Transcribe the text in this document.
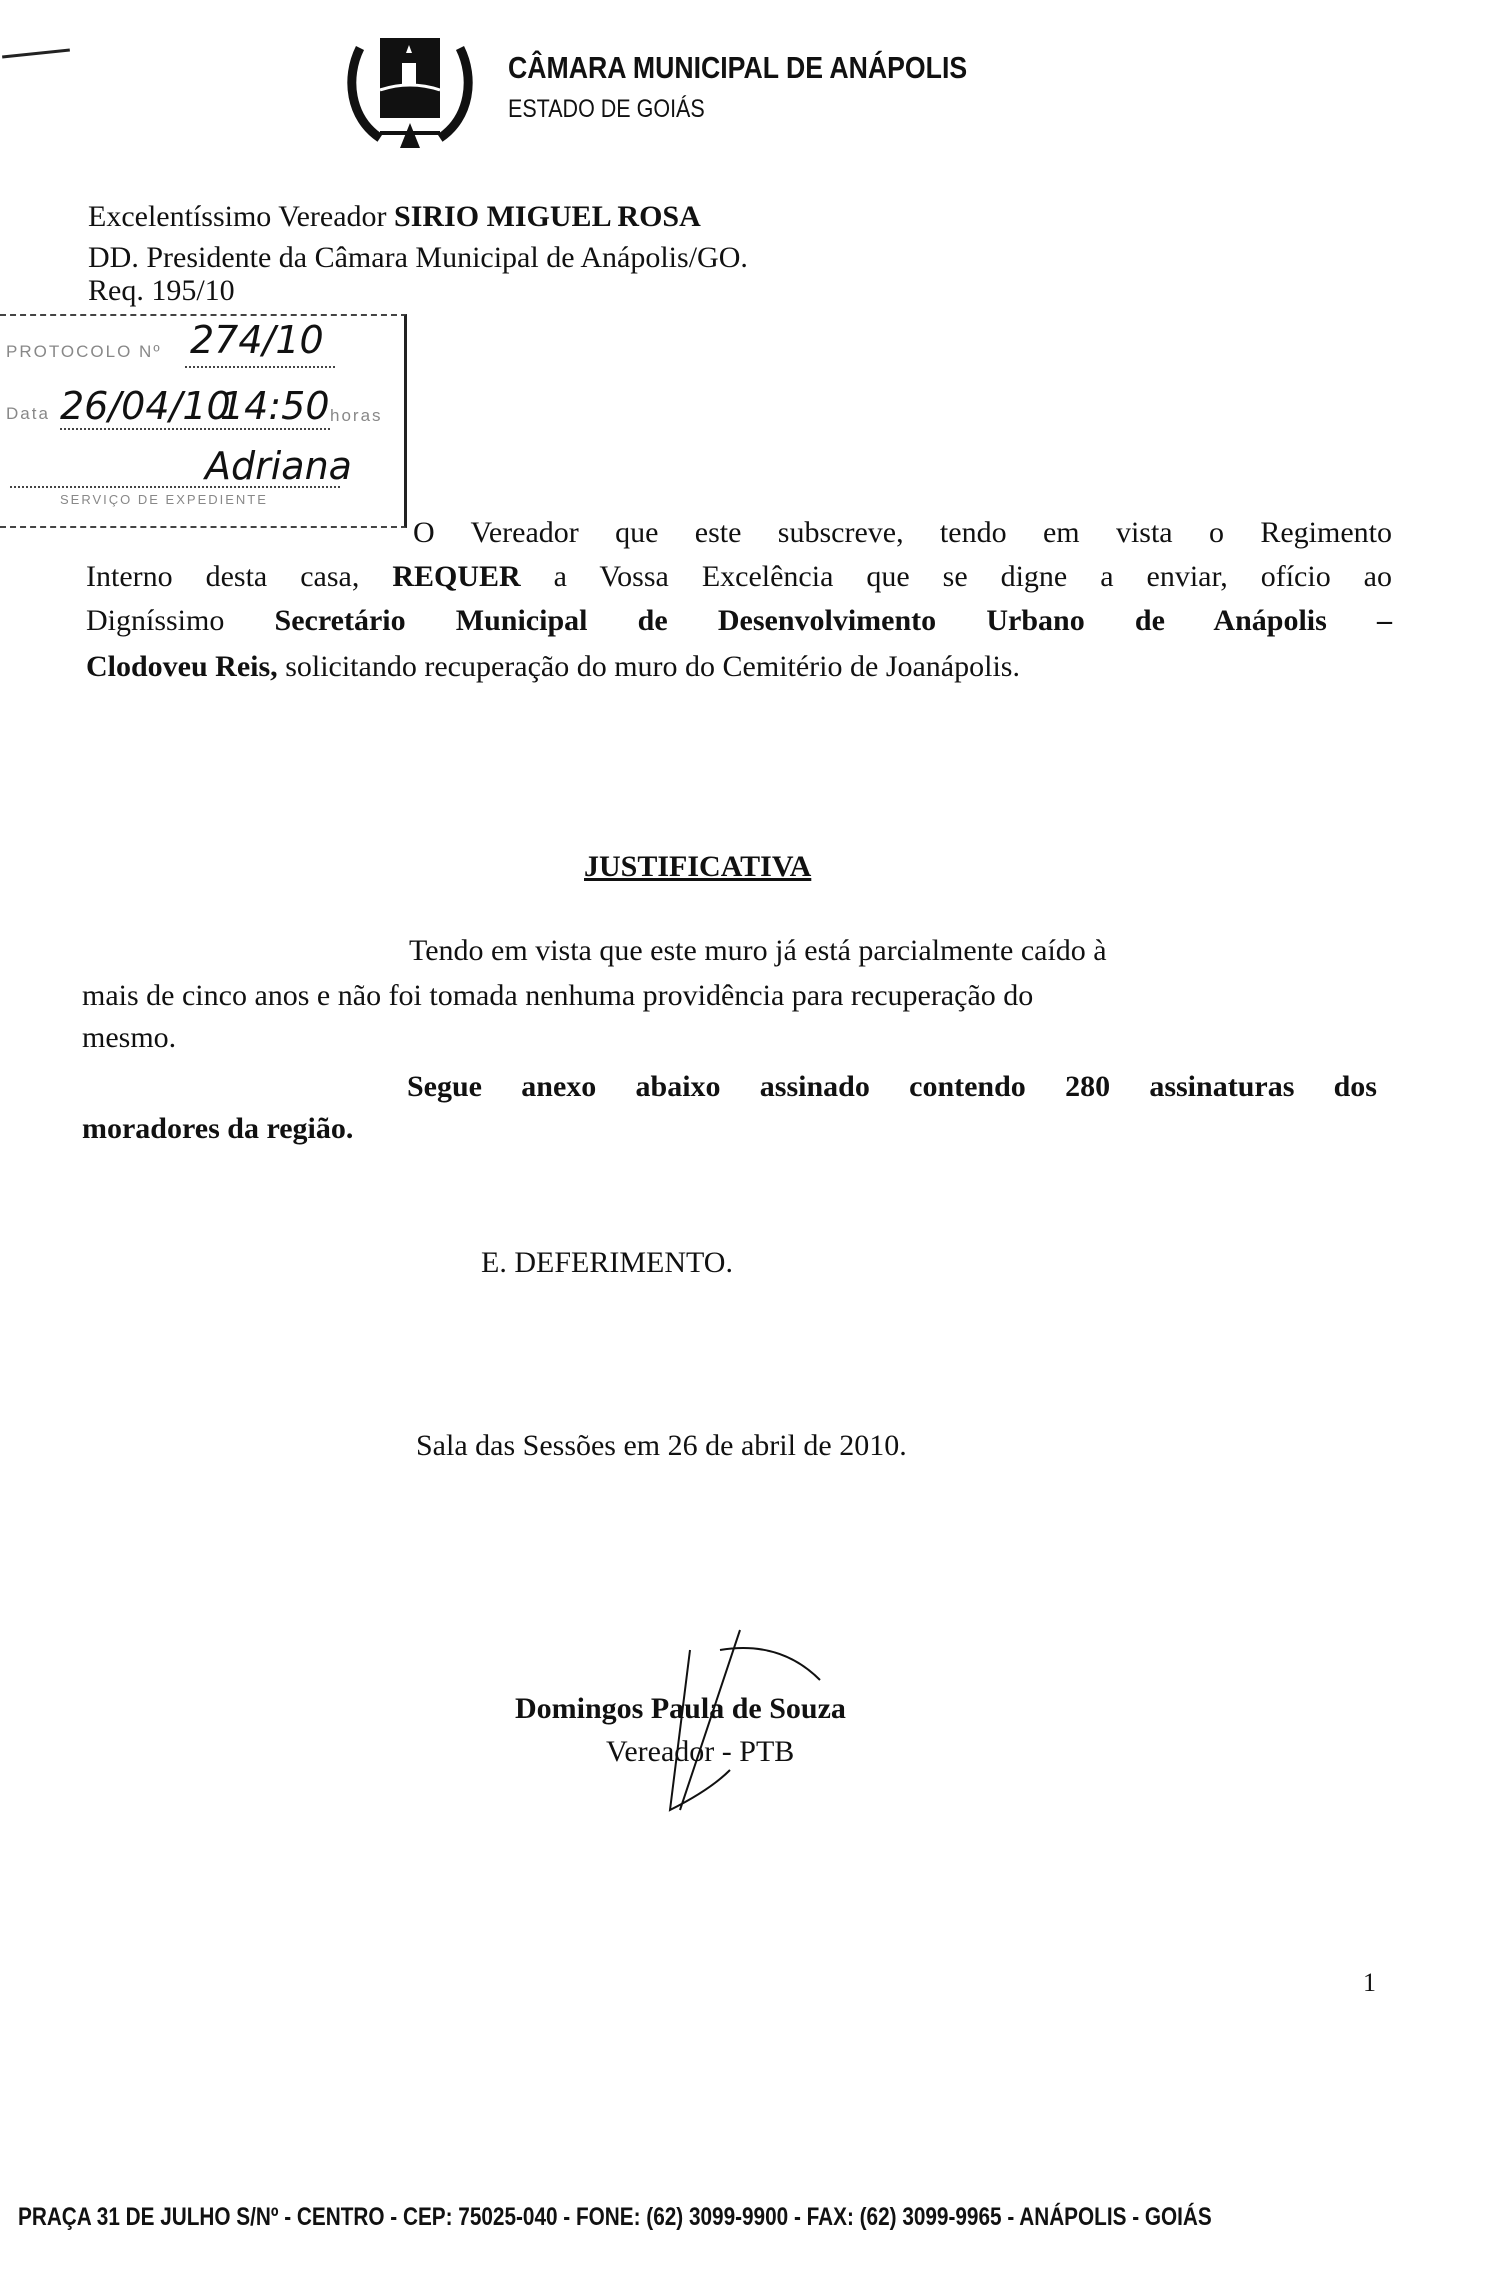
CÂMARA MUNICIPAL DE ANÁPOLIS
ESTADO DE GOIÁS
Excelentíssimo Vereador SIRIO MIGUEL ROSA
DD. Presidente da Câmara Municipal de Anápolis/GO.
Req. 195/10
PROTOCOLO Nº 274/10
Data 26/04/10
14:50 horas
Adriana
SERVIÇO DE EXPEDIENTE
O Vereador que este subscreve, tendo em vista o Regimento
Interno desta casa, REQUER a Vossa Excelência que se digne a enviar, ofício ao
Digníssimo Secretário Municipal de Desenvolvimento Urbano de Anápolis –
Clodoveu Reis, solicitando recuperação do muro do Cemitério de Joanápolis.
JUSTIFICATIVA
Tendo em vista que este muro já está parcialmente caído à
mais de cinco anos e não foi tomada nenhuma providência para recuperação do
mesmo.
Segue anexo abaixo assinado contendo 280 assinaturas dos
moradores da região.
E. DEFERIMENTO.
Sala das Sessões em 26 de abril de 2010.
Domingos Paula de Souza
Vereador - PTB
1
PRAÇA 31 DE JULHO S/Nº - CENTRO - CEP: 75025-040 - FONE: (62) 3099-9900 - FAX: (62) 3099-9965 - ANÁPOLIS - GOIÁS
